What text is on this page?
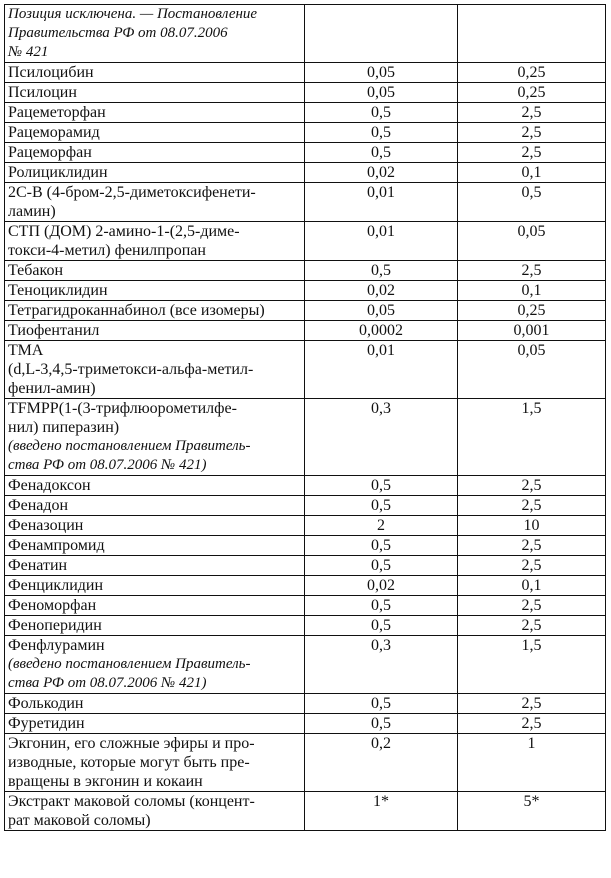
Позиция исключена. — Постановление
Правительства РФ от 08.07.2006
№ 421		

Псилоцибин	0,05	0,25

Псилоцин	0,05	0,25

Рацеметорфан	0,5	2,5

Рацеморамид	0,5	2,5

Рацеморфан	0,5	2,5

Ролициклидин	0,02	0,1

2С-В (4-бром-2,5-диметоксифенети-
ламин)	0,01	0,5

СТП (ДОМ) 2-амино-1-(2,5-диме-
токси-4-метил) фенилпропан	0,01	0,05

Тебакон	0,5	2,5

Теноциклидин	0,02	0,1

Тетрагидроканнабинол (все изомеры)	0,05	0,25

Тиофентанил	0,0002	0,001

ТМА
(d,L-3,4,5-триметокси-альфа-метил-
фенил-амин)	0,01	0,05

TFMPP(1-(3-трифлюорометилфе-
нил) пиперазин)
(введено постановлением Правитель-
ства РФ от 08.07.2006 № 421)	0,3	1,5

Фенадоксон	0,5	2,5

Фенадон	0,5	2,5

Феназоцин	2	10

Фенампромид	0,5	2,5

Фенатин	0,5	2,5

Фенциклидин	0,02	0,1

Феноморфан	0,5	2,5

Феноперидин	0,5	2,5

Фенфлурамин
(введено постановлением Правитель-
ства РФ от 08.07.2006 № 421)	0,3	1,5

Фолькодин	0,5	2,5

Фуретидин	0,5	2,5

Экгонин, его сложные эфиры и про-
изводные, которые могут быть пре-
вращены в экгонин и кокаин	0,2	1

Экстракт маковой соломы (концент-
рат маковой соломы)	1*	5*
